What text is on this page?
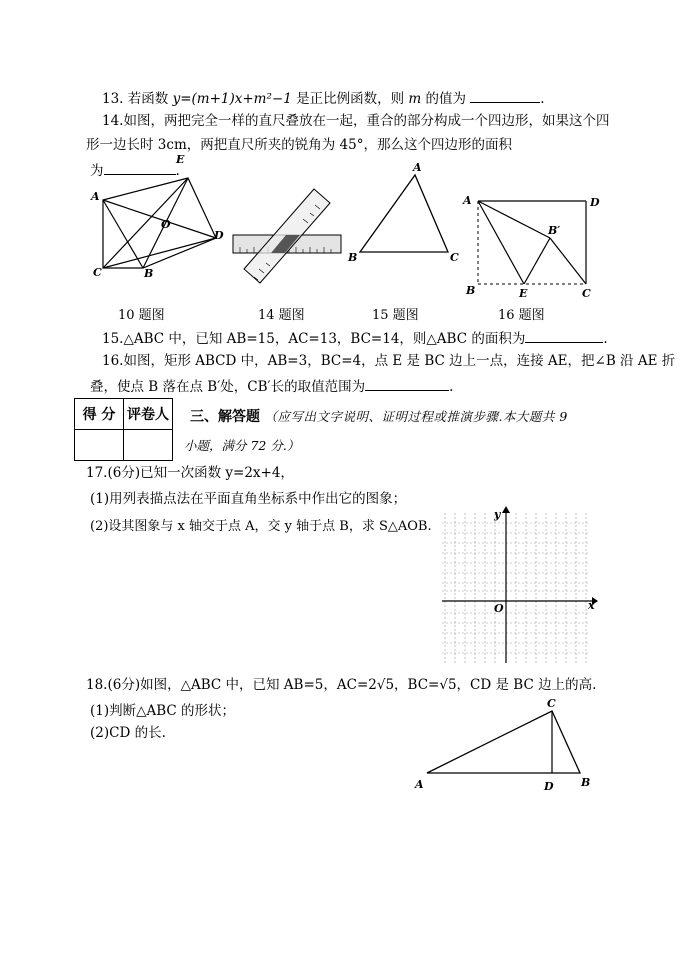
13. 若函数 y=(m+1)x+m²−1 是正比例函数，则 m 的值为	.
14.如图，两把完全一样的直尺叠放在一起，重合的部分构成一个四边形，如果这个四
形一边长时 3cm，两把直尺所夹的锐角为 45°，那么这个四边形的面积
为	.
A
E
O
D
C	B
A
B	C
A	D
B′
B	E	C
10 题图	14 题图	15 题图	16 题图
15.△ABC 中，已知 AB=15，AC=13，BC=14，则△ABC 的面积为	.
16.如图，矩形 ABCD 中，AB=3，BC=4，点 E 是 BC 边上一点，连接 AE，把∠B 沿 AE 折
叠，使点 B 落在点 B′处，CB′长的取值范围为	.
得 分	评卷人
	三、解答题 （应写出文字说明、证明过程或推演步骤.本大题共 9
小题，满分 72 分.）
17.(6分)已知一次函数 y=2x+4，
(1)用列表描点法在平面直角坐标系中作出它的图象；
(2)设其图象与 x 轴交于点 A，交 y 轴于点 B，求 S△AOB.
y
x
O
18.(6分)如图，△ABC 中，已知 AB=5，AC=2√5，BC=√5，CD 是 BC 边上的高.
(1)判断△ABC 的形状；
(2)CD 的长.
A
C
D B
